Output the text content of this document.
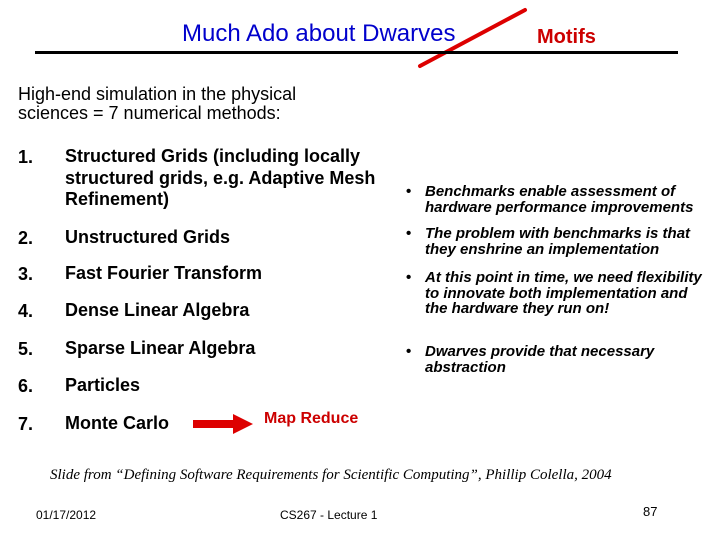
Much Ado about Dwarves	Motifs
High-end simulation in the physical sciences = 7 numerical methods:
1. Structured Grids (including locally structured grids, e.g. Adaptive Mesh Refinement)
2. Unstructured Grids
3. Fast Fourier Transform
4. Dense Linear Algebra
5. Sparse Linear Algebra
6. Particles
7. Monte Carlo	Map Reduce
• Benchmarks enable assessment of hardware performance improvements
• The problem with benchmarks is that they enshrine an implementation
• At this point in time, we need flexibility to innovate both implementation and the hardware they run on!
• Dwarves provide that necessary abstraction
Slide from “Defining Software Requirements for Scientific Computing”, Phillip Colella, 2004
01/17/2012	CS267 - Lecture 1	87
